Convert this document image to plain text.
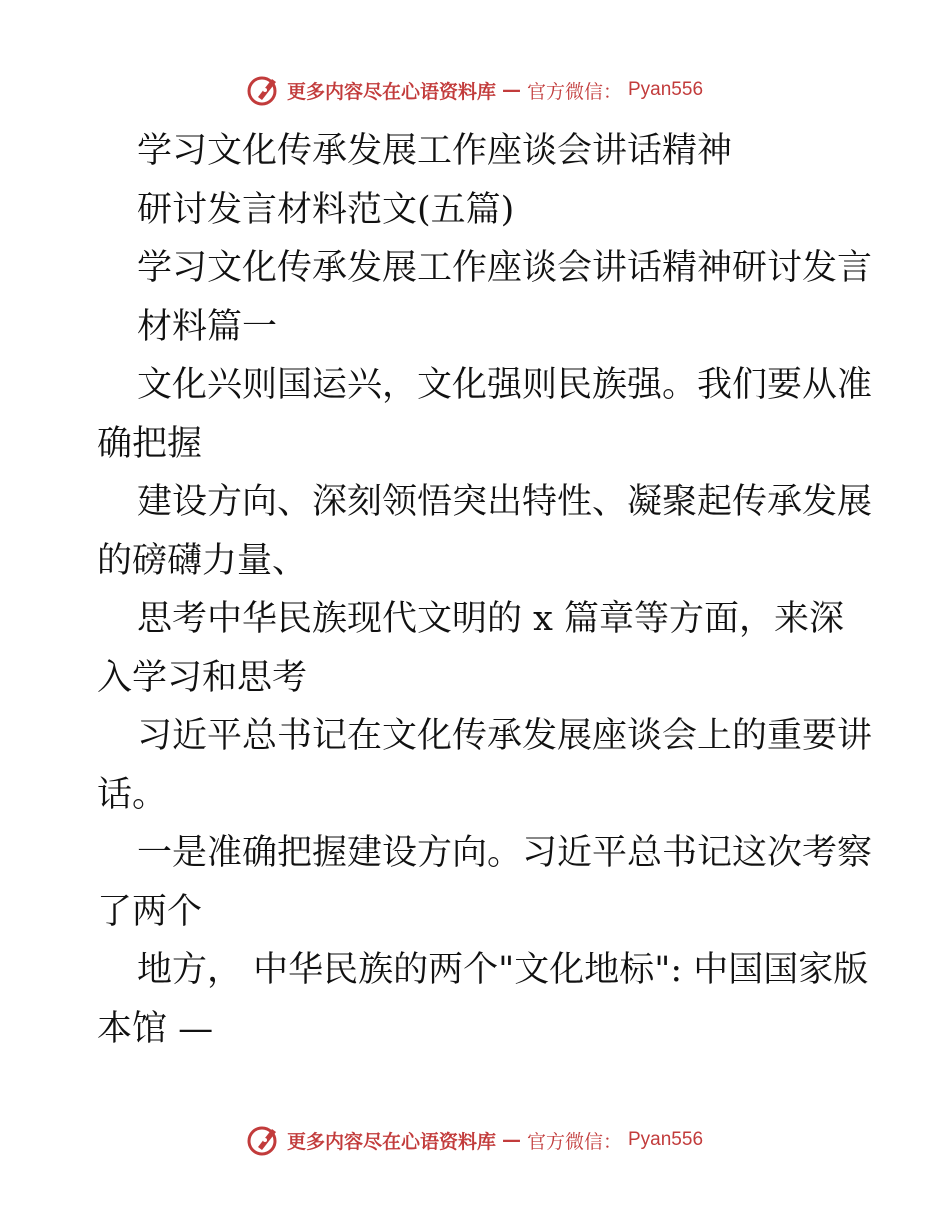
更多内容尽在心语资料库 — 官方微信： Pyan556
学习文化传承发展工作座谈会讲话精神
研讨发言材料范文(五篇)
学习文化传承发展工作座谈会讲话精神研讨发言
材料篇一
文化兴则国运兴，文化强则民族强。我们要从准
确把握
建设方向、深刻领悟突出特性、凝聚起传承发展
的磅礴力量、
思考中华民族现代文明的 x 篇章等方面，来深
入学习和思考
习近平总书记在文化传承发展座谈会上的重要讲
话。
一是准确把握建设方向。习近平总书记这次考察
了两个
地方， 中华民族的两个"文化地标": 中国国家版
本馆 —
更多内容尽在心语资料库 — 官方微信： Pyan556
